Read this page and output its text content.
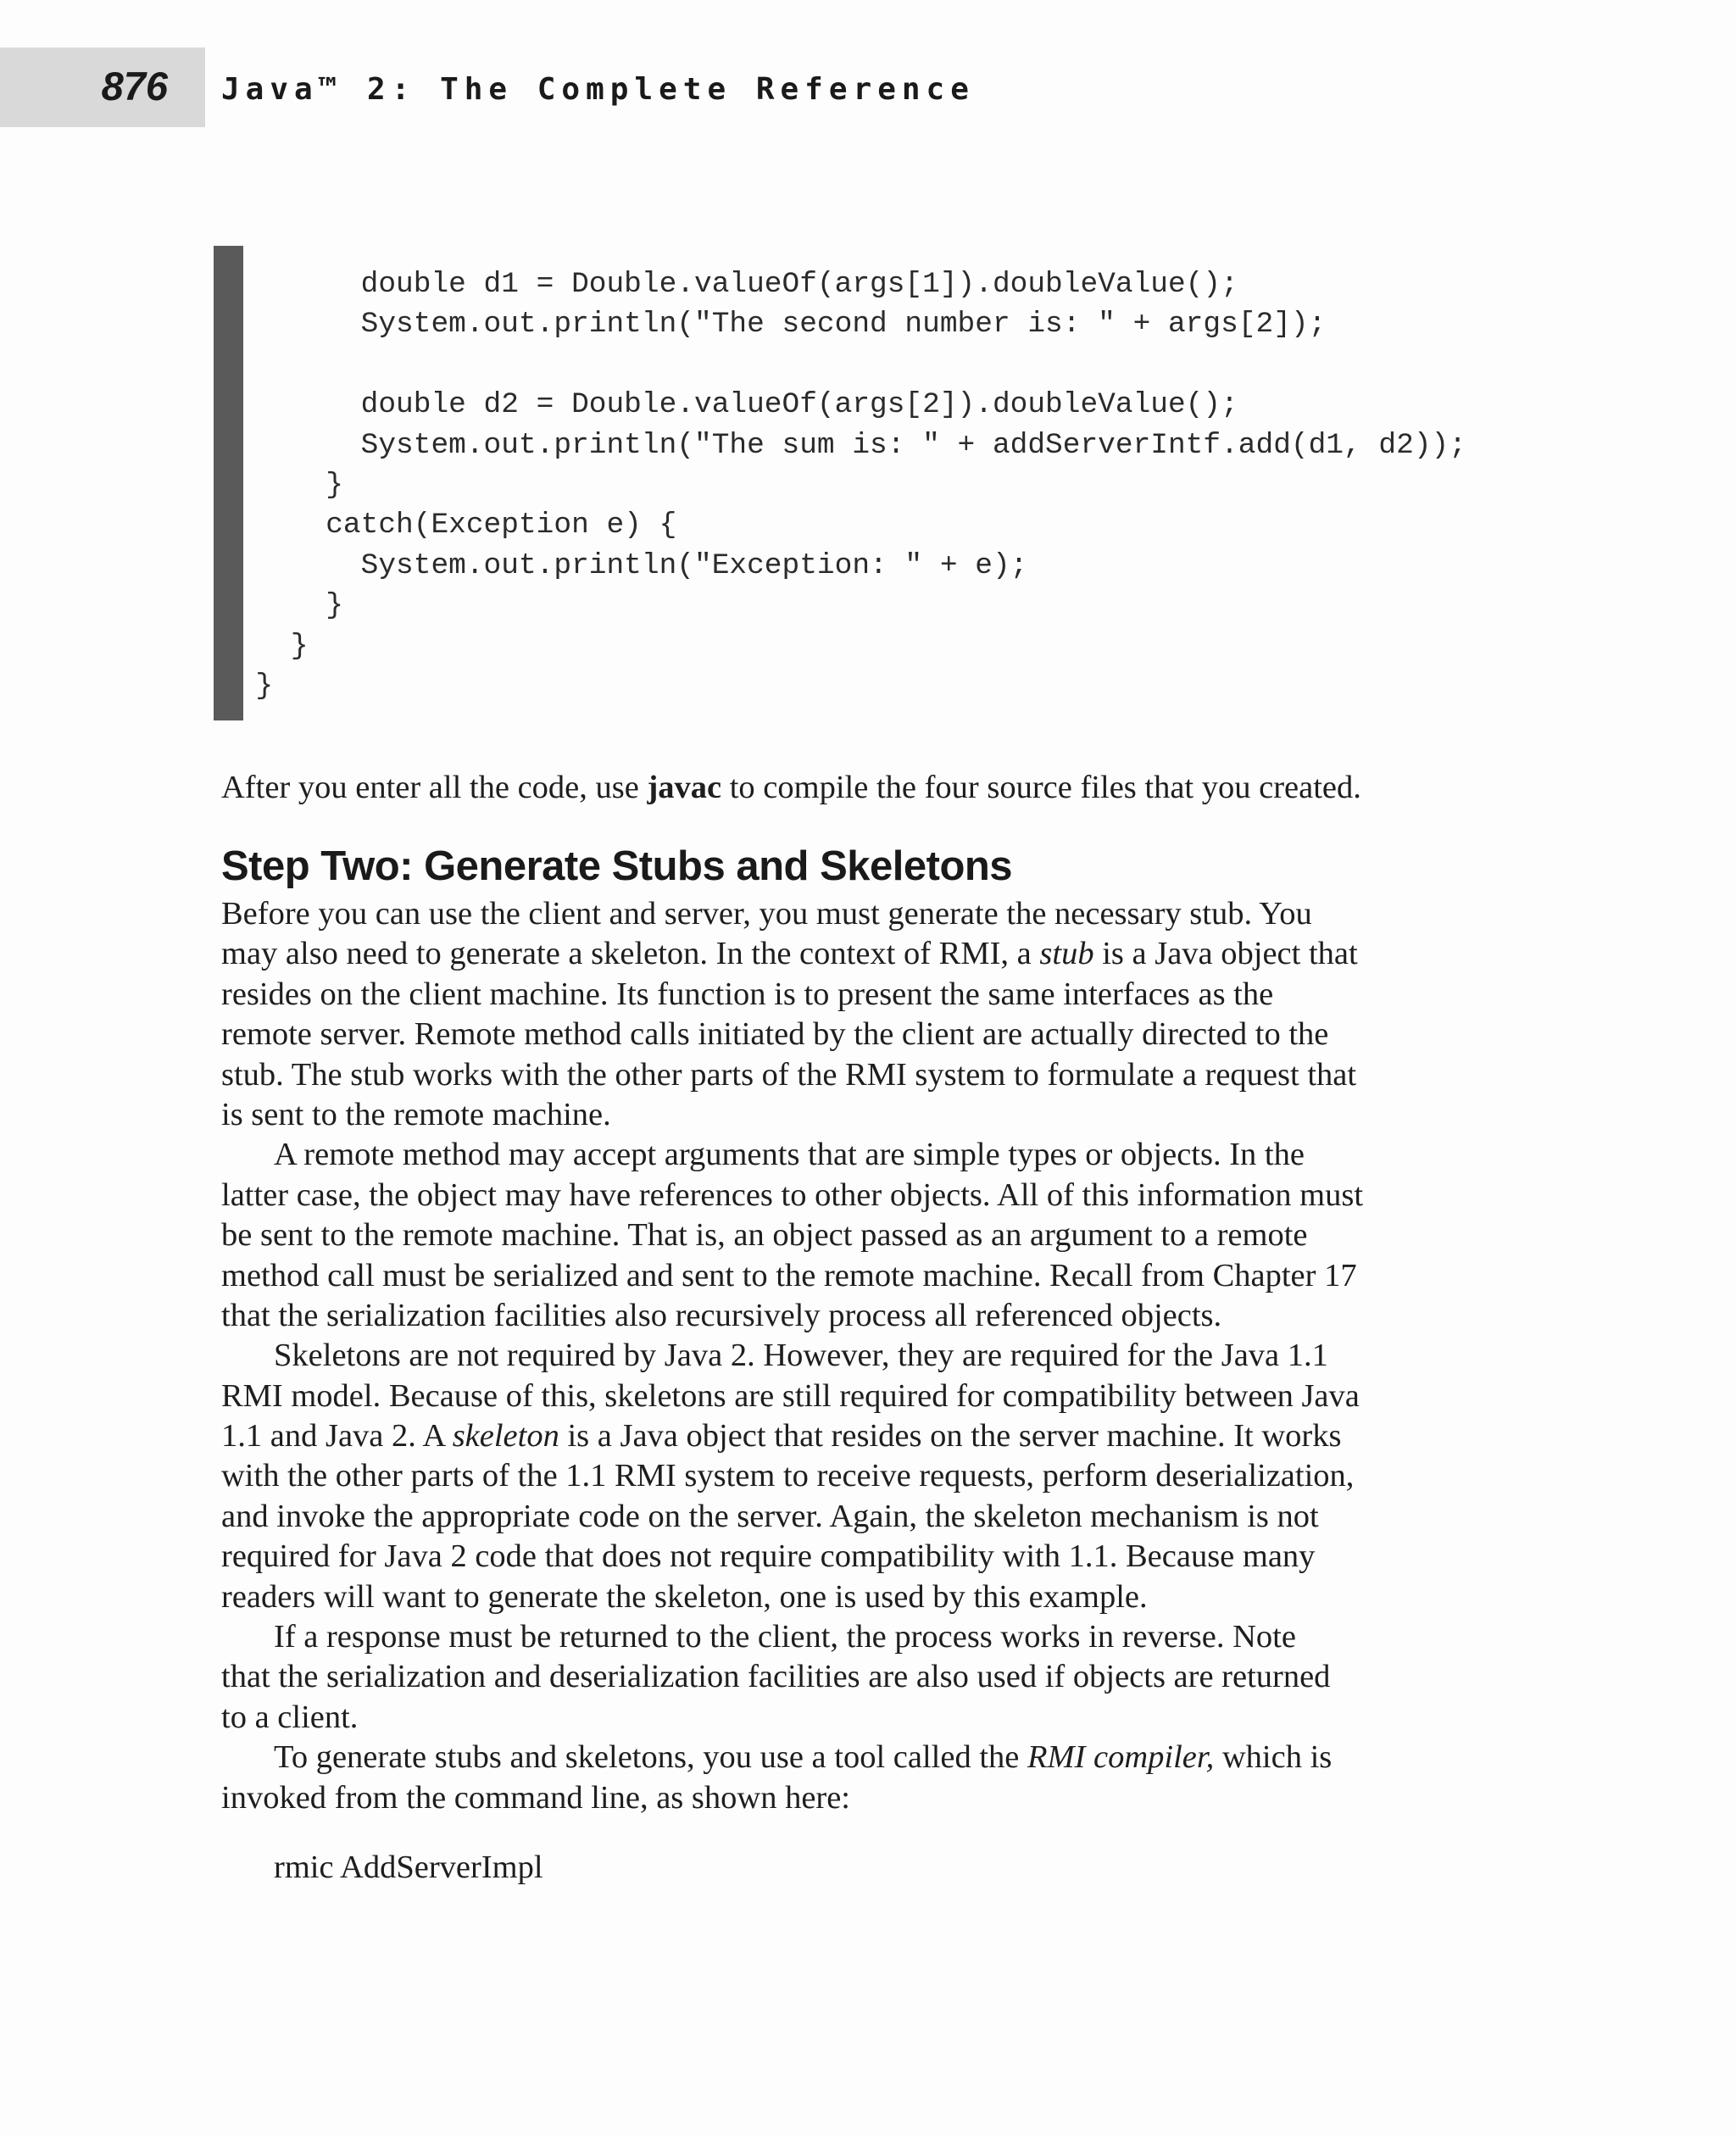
876 Java™ 2: The Complete Reference
double d1 = Double.valueOf(args[1]).doubleValue();
System.out.println("The second number is: " + args[2]);
double d2 = Double.valueOf(args[2]).doubleValue();
System.out.println("The sum is: " + addServerIntf.add(d1, d2));
}
catch(Exception e) {
System.out.println("Exception: " + e);
}
}
}

After you enter all the code, use javac to compile the four source files that you created.

Step Two: Generate Stubs and Skeletons
Before you can use the client and server, you must generate the necessary stub. You
may also need to generate a skeleton. In the context of RMI, a stub is a Java object that
resides on the client machine. Its function is to present the same interfaces as the
remote server. Remote method calls initiated by the client are actually directed to the
stub. The stub works with the other parts of the RMI system to formulate a request that
is sent to the remote machine.
A remote method may accept arguments that are simple types or objects. In the
latter case, the object may have references to other objects. All of this information must
be sent to the remote machine. That is, an object passed as an argument to a remote
method call must be serialized and sent to the remote machine. Recall from Chapter 17
that the serialization facilities also recursively process all referenced objects.
Skeletons are not required by Java 2. However, they are required for the Java 1.1
RMI model. Because of this, skeletons are still required for compatibility between Java
1.1 and Java 2. A skeleton is a Java object that resides on the server machine. It works
with the other parts of the 1.1 RMI system to receive requests, perform deserialization,
and invoke the appropriate code on the server. Again, the skeleton mechanism is not
required for Java 2 code that does not require compatibility with 1.1. Because many
readers will want to generate the skeleton, one is used by this example.
If a response must be returned to the client, the process works in reverse. Note
that the serialization and deserialization facilities are also used if objects are returned
to a client.
To generate stubs and skeletons, you use a tool called the RMI compiler, which is
invoked from the command line, as shown here:

rmic AddServerImpl
